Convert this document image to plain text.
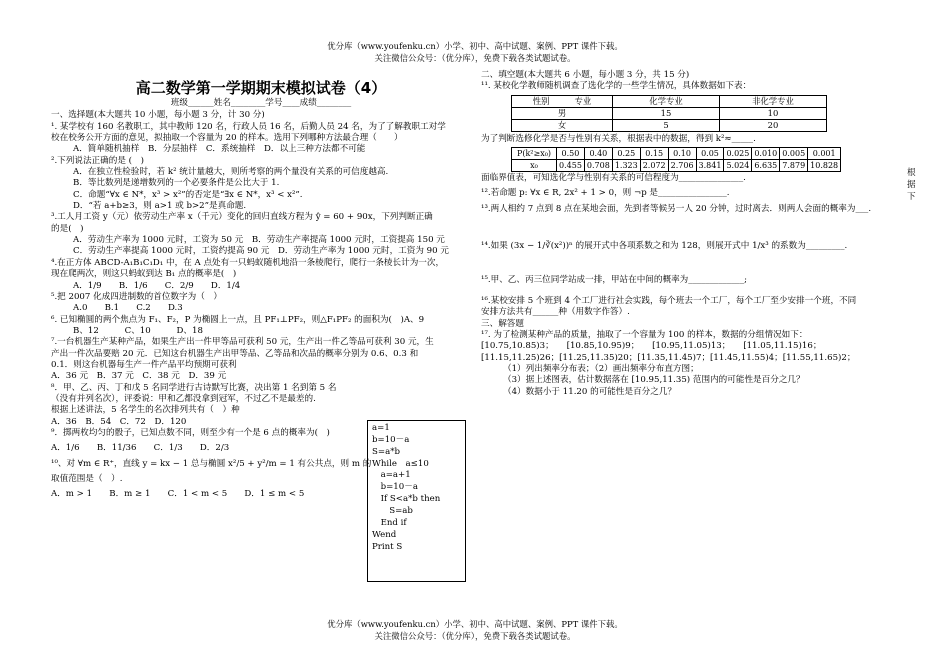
优分库（www.youfenku.cn）小学、初中、高中试题、案例、PPT 课件下载。
关注微信公众号：（优分库），免费下载各类试题试卷。
高二数学第一学期期末模拟试卷（4）
班级______姓名________学号____成绩________

一、选择题(本大题共 10 小题，每小题 3 分，计 30 分)

¹. 某学校有 160 名教职工，其中教师 120 名，行政人员 16 名，后勤人员 24 名，为了了解教职工对学

校在校务公开方面的意见，拟抽取一个容量为 20 的样本。选用下列哪种方法最合理（　　）

A．简单随机抽样　B．分层抽样　C．系统抽样　D．以上三种方法都不可能

².下列说法正确的是 (　)

A．在独立性检验时，若 k² 统计量越大，则所考察的两个量没有关系的可信度越高.

B．等比数列是递增数列的一个必要条件是公比大于 1.

C．命题“∀x ∈ N*，x³ > x²”的否定是“∃x ∈ N*，x³ < x²”.

D．“若 a+b≥3，则 a>1 或 b>2”是真命题.

³.工人月工资 y（元）依劳动生产率 x（千元）变化的回归直线方程为 ŷ = 60 + 90x，下列判断正确

的是(　)

A．劳动生产率为 1000 元时，工资为 50 元　B．劳动生产率提高 1000 元时，工资提高 150 元

C．劳动生产率提高 1000 元时，工资约提高 90 元　D．劳动生产率为 1000 元时，工资为 90 元

⁴.在正方体 ABCD-A₁B₁C₁D₁ 中，在 A 点处有一只蚂蚁随机地沿一条棱爬行，爬行一条棱长计为一次，

现在爬两次，则这只蚂蚁到达 B₁ 点的概率是(　)

A．1/9　　B．1/6　　C．2/9　　D．1/4

⁵.把 2007 化成四进制数的首位数字为（　）

A.0　　B.1　　C.2　　D.3

⁶. 已知椭圆的两个焦点为 F₁、F₂，P 为椭圆上一点，且 PF₁⊥PF₂，则△F₁PF₂ 的面积为(　)A、9

B、12　　　C、10　　　D、18

⁷.一台机器生产某种产品，如果生产出一件甲等品可获利 50 元，生产出一件乙等品可获利 30 元，生

产出一件次品要赔 20 元．已知这台机器生产出甲等品、乙等品和次品的概率分别为 0.6、0.3 和

0.1．则这台机器每生产一件产品平均预期可获利

A．36 元　B．37 元　C．38 元　D．39 元

⁸．甲、乙、丙、丁和戊 5 名同学进行古诗默写比赛，决出第 1 名到第 5 名

（没有并列名次），评委说：甲和乙都没拿到冠军，不过乙不是最差的.

根据上述讲法，5 名学生的名次排列共有（　）种

A．36　B．54　C．72　D．120

⁹．掷两枚均匀的骰子，已知点数不同，则至少有一个是 6 点的概率为(　)

A．1/6　　B．11/36　　C．1/3　　D．2/3

¹⁰、对 ∀m ∈ R⁺，直线 y = kx − 1 总与椭圆 x²/5 + y²/m = 1 有公共点，则 m 的

取值范围是（　）.

A．m > 1　　B．m ≥ 1　　C．1 < m < 5　　D．1 ≤ m < 5

a=1
b=10－a
S=a*b
While　a≤10
　a=a+1
　b=10－a
　If S<a*b then
　　S=ab
　End if
Wend
Print S

二、填空题(本大题共 6 小题，每小题 3 分，共 15 分)

¹¹. 某校化学教师随机调查了选化学的一些学生情况，具体数据如下表：

性别　　　专业	化学专业	非化学专业
男	15	10
女	5	20

为了判断选修化学是否与性别有关系，根据表中的数据，得到 k²≈_____.

P(k²≥x₀)	0.50	0.40	0.25	0.15	0.10	0.05	0.025	0.010	0.005	0.001
x₀	0.455	0.708	1.323	2.072	2.706	3.841	5.024	6.635	7.879	10.828

面临界值表，可知选化学与性别有关系的可信程度为_______________.

¹².若命题 p: ∀x ∈ R, 2x² + 1 > 0，则 ¬p 是________________.

¹³.两人相约 7 点到 8 点在某地会面，先到者等候另一人 20 分钟，过时离去．则两人会面的概率为___.

¹⁴.如果 (3x − 1/∛(x²))ⁿ 的展开式中各项系数之和为 128，则展开式中 1/x³ 的系数为_________.

¹⁵.甲、乙、丙三位同学站成一排，甲站在中间的概率为_____________;

¹⁶.某校安排 5 个班到 4 个工厂进行社会实践，每个班去一个工厂，每个工厂至少安排一个班，不同

安排方法共有______种（用数字作答）.

三、解答题

¹⁷. 为了检测某种产品的质量，抽取了一个容量为 100 的样本，数据的分组情况如下：

[10.75,10.85)3；　　[10.85,10.95)9；　　[10.95,11.05)13；　　[11.05,11.15)16；

[11.15,11.25)26；[11.25,11.35)20；[11.35,11.45)7；[11.45,11.55)4；[11.55,11.65)2；

（1）列出频率分布表；（2）画出频率分布直方图；

（3）据上述图表，估计数据落在 [10.95,11.35) 范围内的可能性是百分之几？

（4）数据小于 11.20 的可能性是百分之几？

根
据
下
优分库（www.youfenku.cn）小学、初中、高中试题、案例、PPT 课件下载。
关注微信公众号：（优分库），免费下载各类试题试卷。
